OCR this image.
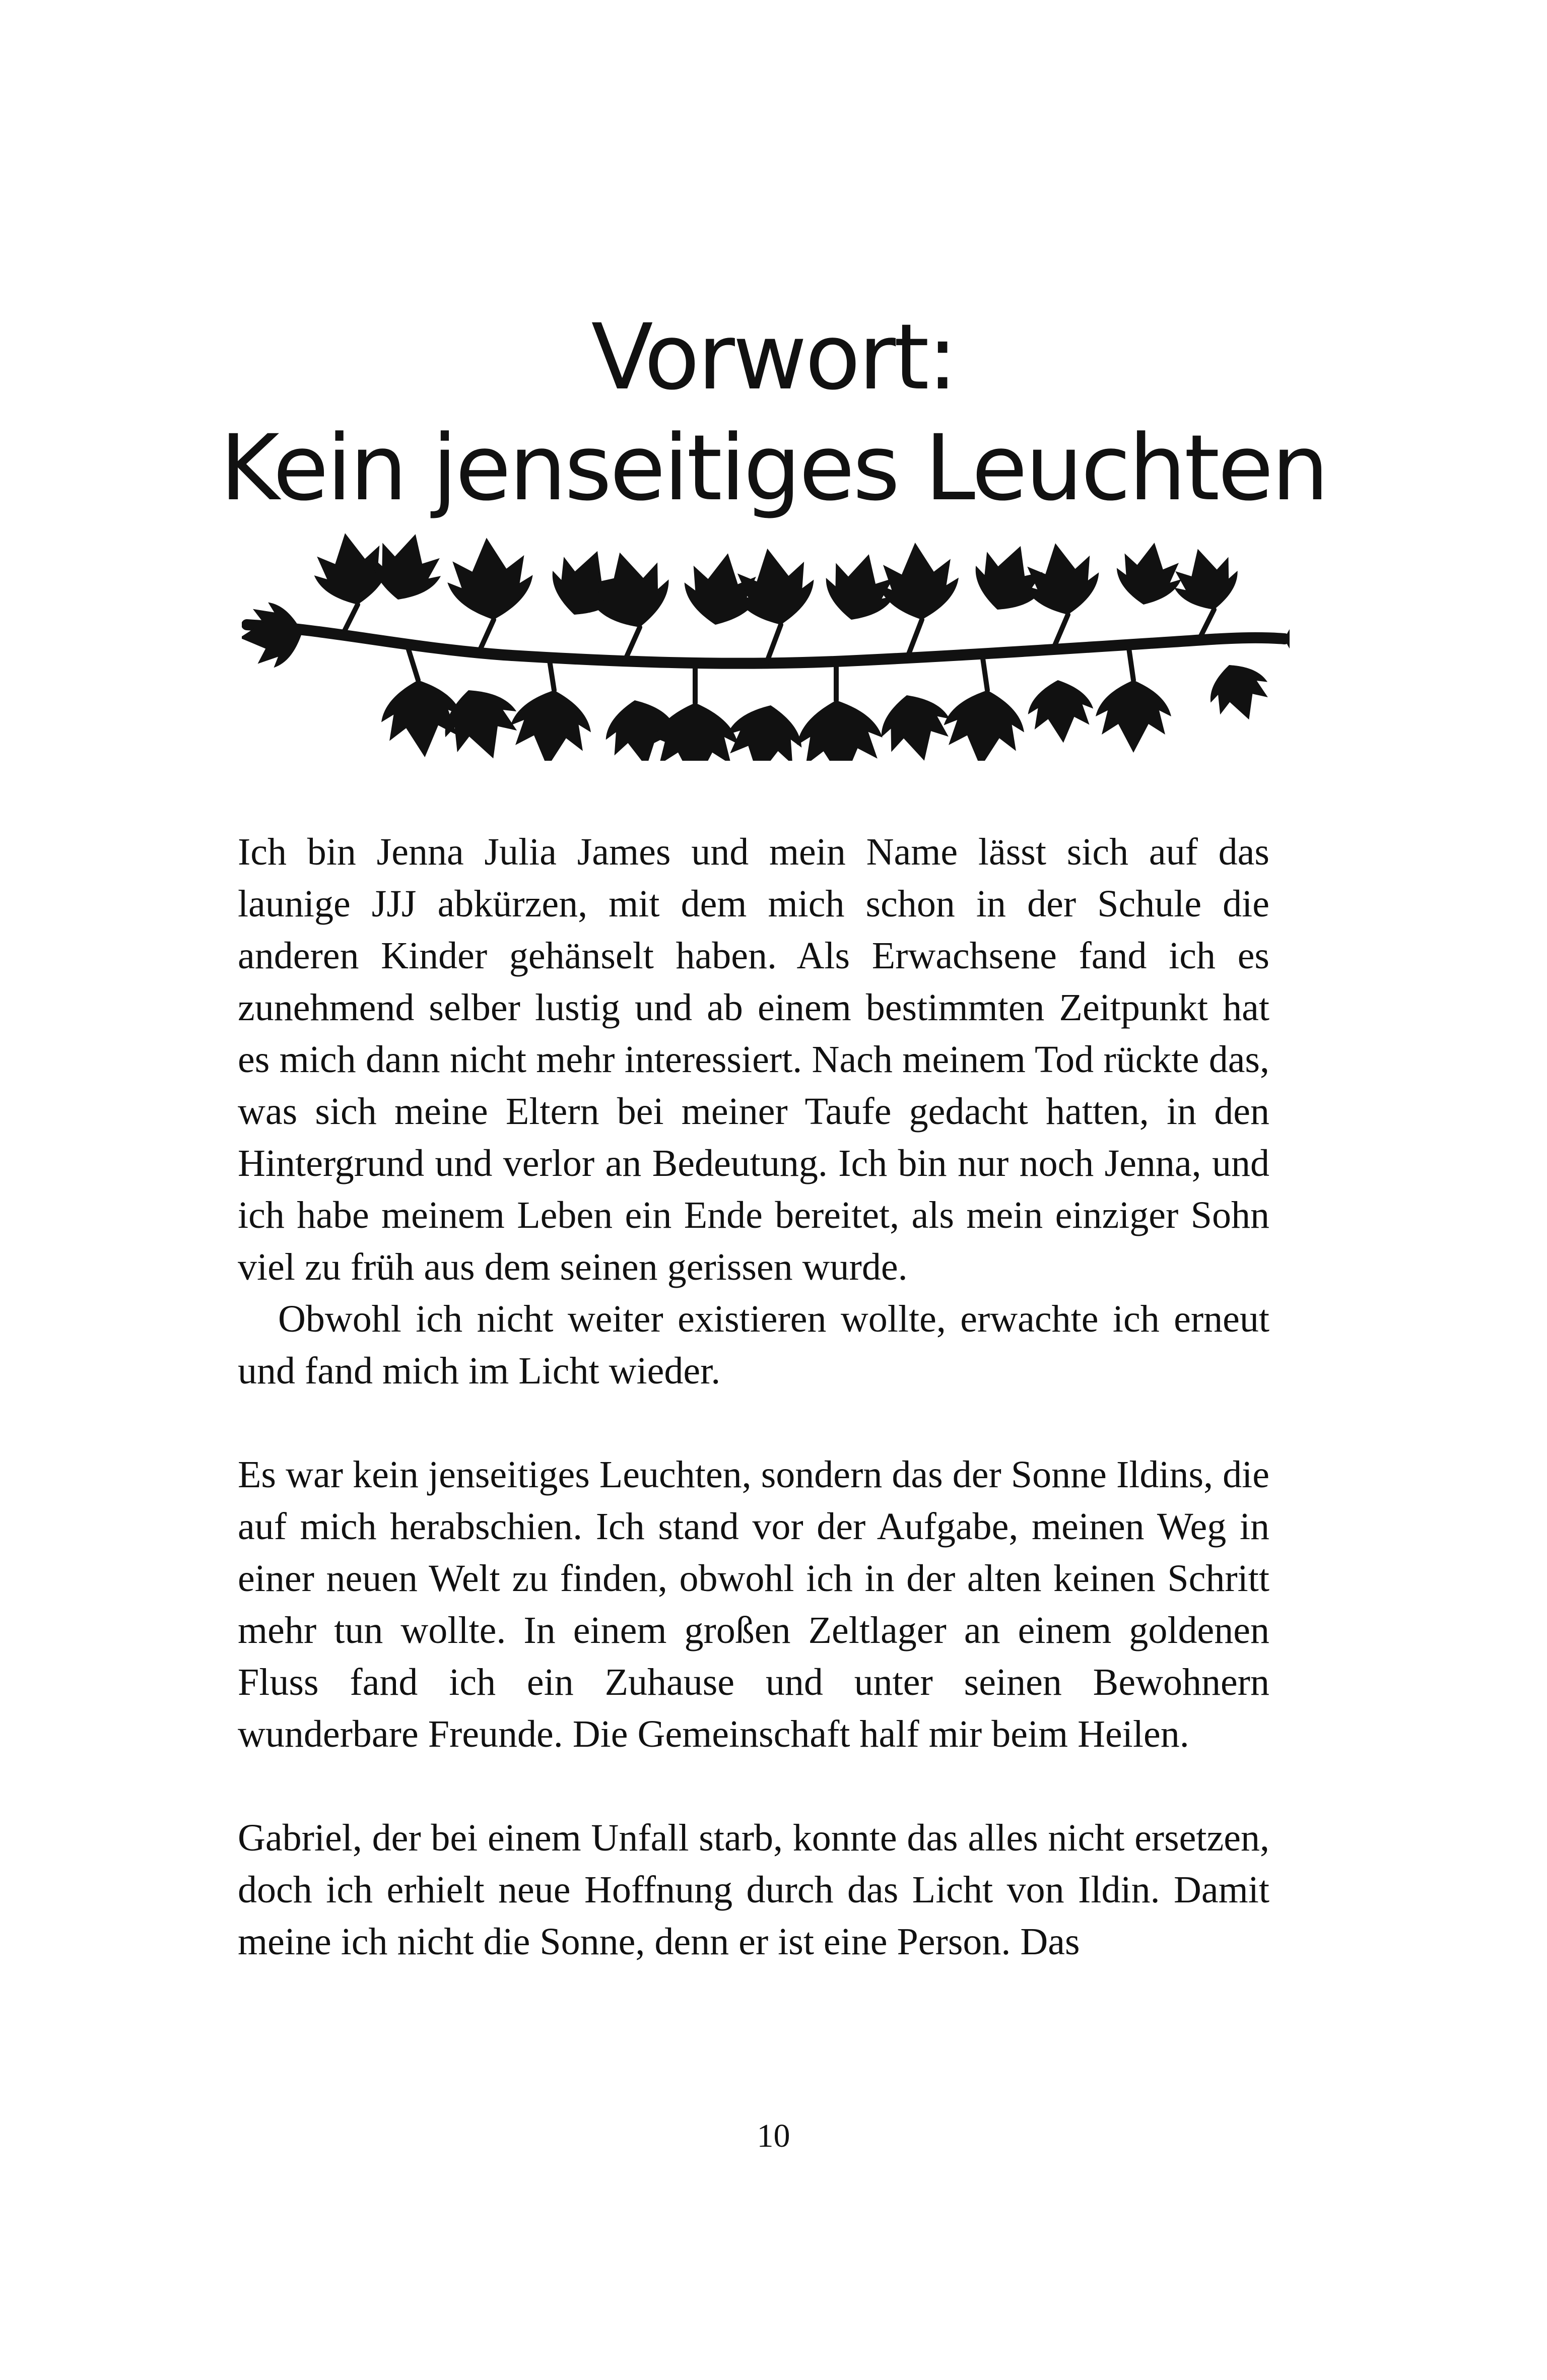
Vorwort:
Kein jenseitiges Leuchten

Ich bin Jenna Julia James und mein Name lässt sich auf das launige JJJ abkürzen, mit dem mich schon in der Schule die anderen Kinder gehänselt haben. Als Erwachsene fand ich es zunehmend selber lustig und ab einem bestimmten Zeitpunkt hat es mich dann nicht mehr interessiert. Nach meinem Tod rückte das, was sich meine Eltern bei meiner Taufe gedacht hatten, in den Hintergrund und verlor an Bedeutung. Ich bin nur noch Jenna, und ich habe meinem Leben ein Ende bereitet, als mein einziger Sohn viel zu früh aus dem seinen gerissen wurde.

Obwohl ich nicht weiter existieren wollte, erwachte ich erneut und fand mich im Licht wieder.

Es war kein jenseitiges Leuchten, sondern das der Sonne Ildins, die auf mich herabschien. Ich stand vor der Aufgabe, meinen Weg in einer neuen Welt zu finden, obwohl ich in der alten keinen Schritt mehr tun wollte. In einem großen Zeltlager an einem goldenen Fluss fand ich ein Zuhause und unter seinen Bewohnern wunderbare Freunde. Die Gemeinschaft half mir beim Heilen.

Gabriel, der bei einem Unfall starb, konnte das alles nicht ersetzen, doch ich erhielt neue Hoffnung durch das Licht von Ildin. Damit meine ich nicht die Sonne, denn er ist eine Person. Das

10
